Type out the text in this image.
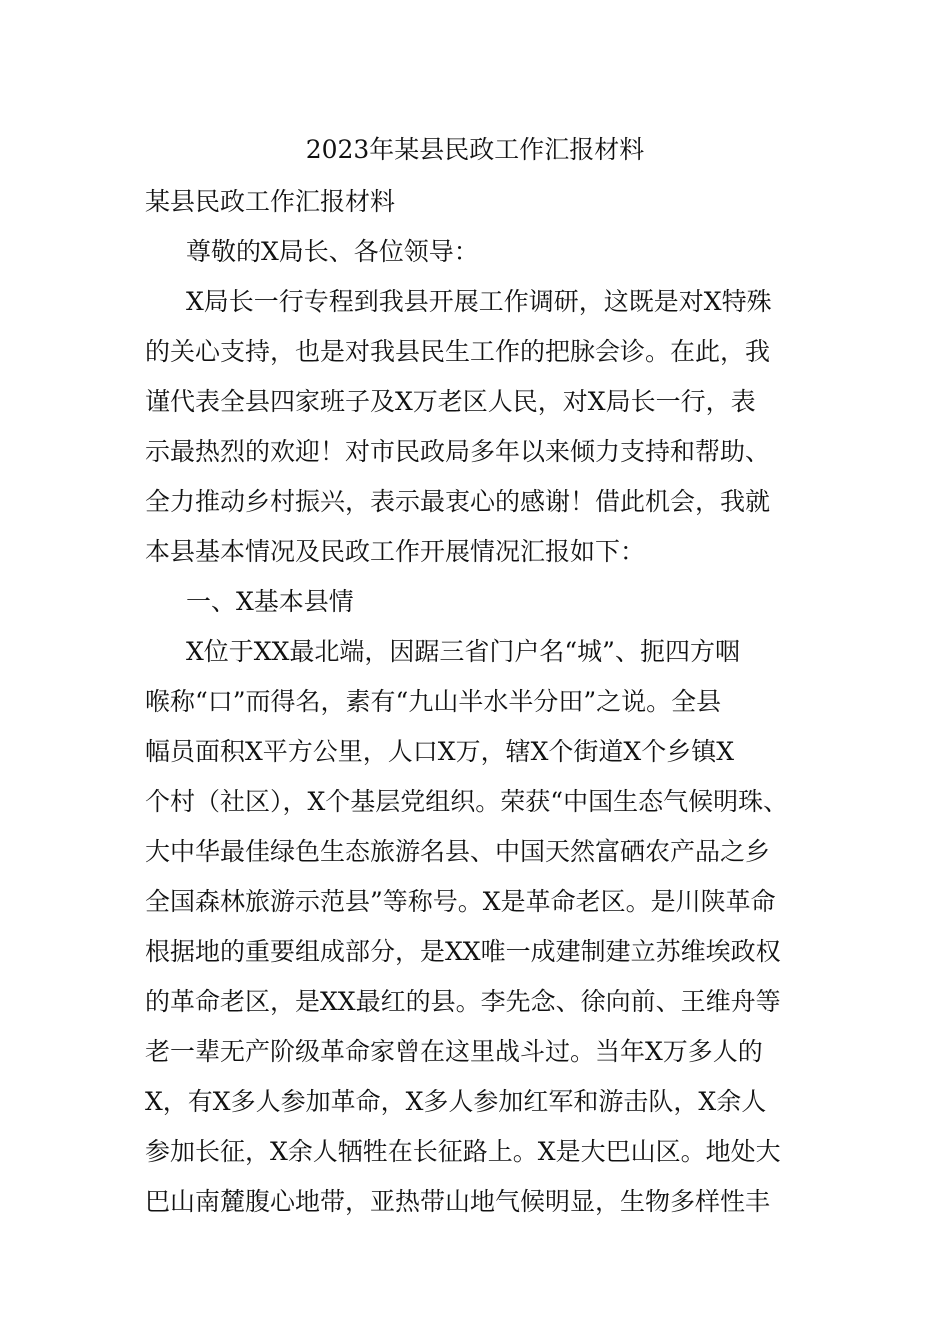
2023年某县民政工作汇报材料
某县民政工作汇报材料
尊敬的X局长、各位领导：
X局长一行专程到我县开展工作调研，这既是对X特殊
的关心支持，也是对我县民生工作的把脉会诊。在此，我
谨代表全县四家班子及X万老区人民，对X局长一行，表
示最热烈的欢迎！对市民政局多年以来倾力支持和帮助、
全力推动乡村振兴，表示最衷心的感谢！借此机会，我就
本县基本情况及民政工作开展情况汇报如下：
一、X基本县情
X位于XX最北端，因踞三省门户名“城”、扼四方咽
喉称“口”而得名，素有“九山半水半分田”之说。全县
幅员面积X平方公里，人口X万，辖X个街道X个乡镇X
个村（社区），X个基层党组织。荣获“中国生态气候明珠、
大中华最佳绿色生态旅游名县、中国天然富硒农产品之乡
全国森林旅游示范县”等称号。X是革命老区。是川陕革命
根据地的重要组成部分，是XX唯一成建制建立苏维埃政权
的革命老区，是XX最红的县。李先念、徐向前、王维舟等
老一辈无产阶级革命家曾在这里战斗过。当年X万多人的
X，有X多人参加革命，X多人参加红军和游击队，X余人
参加长征，X余人牺牲在长征路上。X是大巴山区。地处大
巴山南麓腹心地带，亚热带山地气候明显，生物多样性丰
